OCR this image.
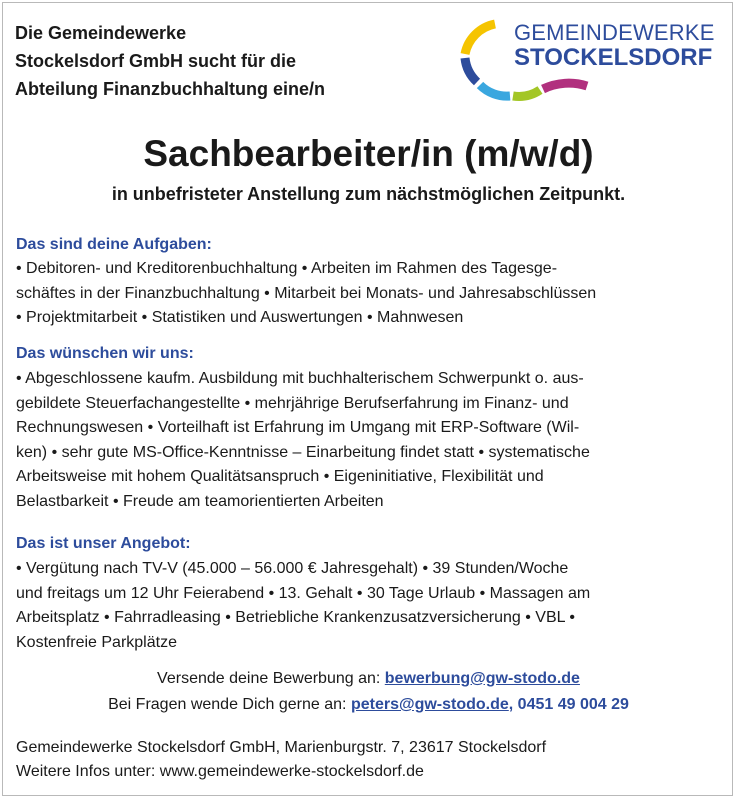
Die Gemeindewerke
Stockelsdorf GmbH sucht für die
Abteilung Finanzbuchhaltung eine/n
GEMEINDEWERKE
STOCKELSDORF
Sachbearbeiter/in (m/w/d)
in unbefristeter Anstellung zum nächstmöglichen Zeitpunkt.
Das sind deine Aufgaben:
• Debitoren- und Kreditorenbuchhaltung • Arbeiten im Rahmen des Tagesge-
schäftes in der Finanzbuchhaltung • Mitarbeit bei Monats- und Jahresabschlüssen
• Projektmitarbeit • Statistiken und Auswertungen • Mahnwesen
Das wünschen wir uns:
• Abgeschlossene kaufm. Ausbildung mit buchhalterischem Schwerpunkt o. aus-
gebildete Steuerfachangestellte • mehrjährige Berufserfahrung im Finanz- und
Rechnungswesen • Vorteilhaft ist Erfahrung im Umgang mit ERP-Software (Wil-
ken) • sehr gute MS-Office-Kenntnisse – Einarbeitung findet statt • systematische
Arbeitsweise mit hohem Qualitätsanspruch • Eigeninitiative, Flexibilität und
Belastbarkeit • Freude am teamorientierten Arbeiten
Das ist unser Angebot:
• Vergütung nach TV-V (45.000 – 56.000 € Jahresgehalt) • 39 Stunden/Woche
und freitags um 12 Uhr Feierabend • 13. Gehalt • 30 Tage Urlaub • Massagen am
Arbeitsplatz • Fahrradleasing • Betriebliche Krankenzusatzversicherung • VBL •
Kostenfreie Parkplätze
Versende deine Bewerbung an: bewerbung@gw-stodo.de
Bei Fragen wende Dich gerne an: peters@gw-stodo.de, 0451 49 004 29
Gemeindewerke Stockelsdorf GmbH, Marienburgstr. 7, 23617 Stockelsdorf
Weitere Infos unter: www.gemeindewerke-stockelsdorf.de
